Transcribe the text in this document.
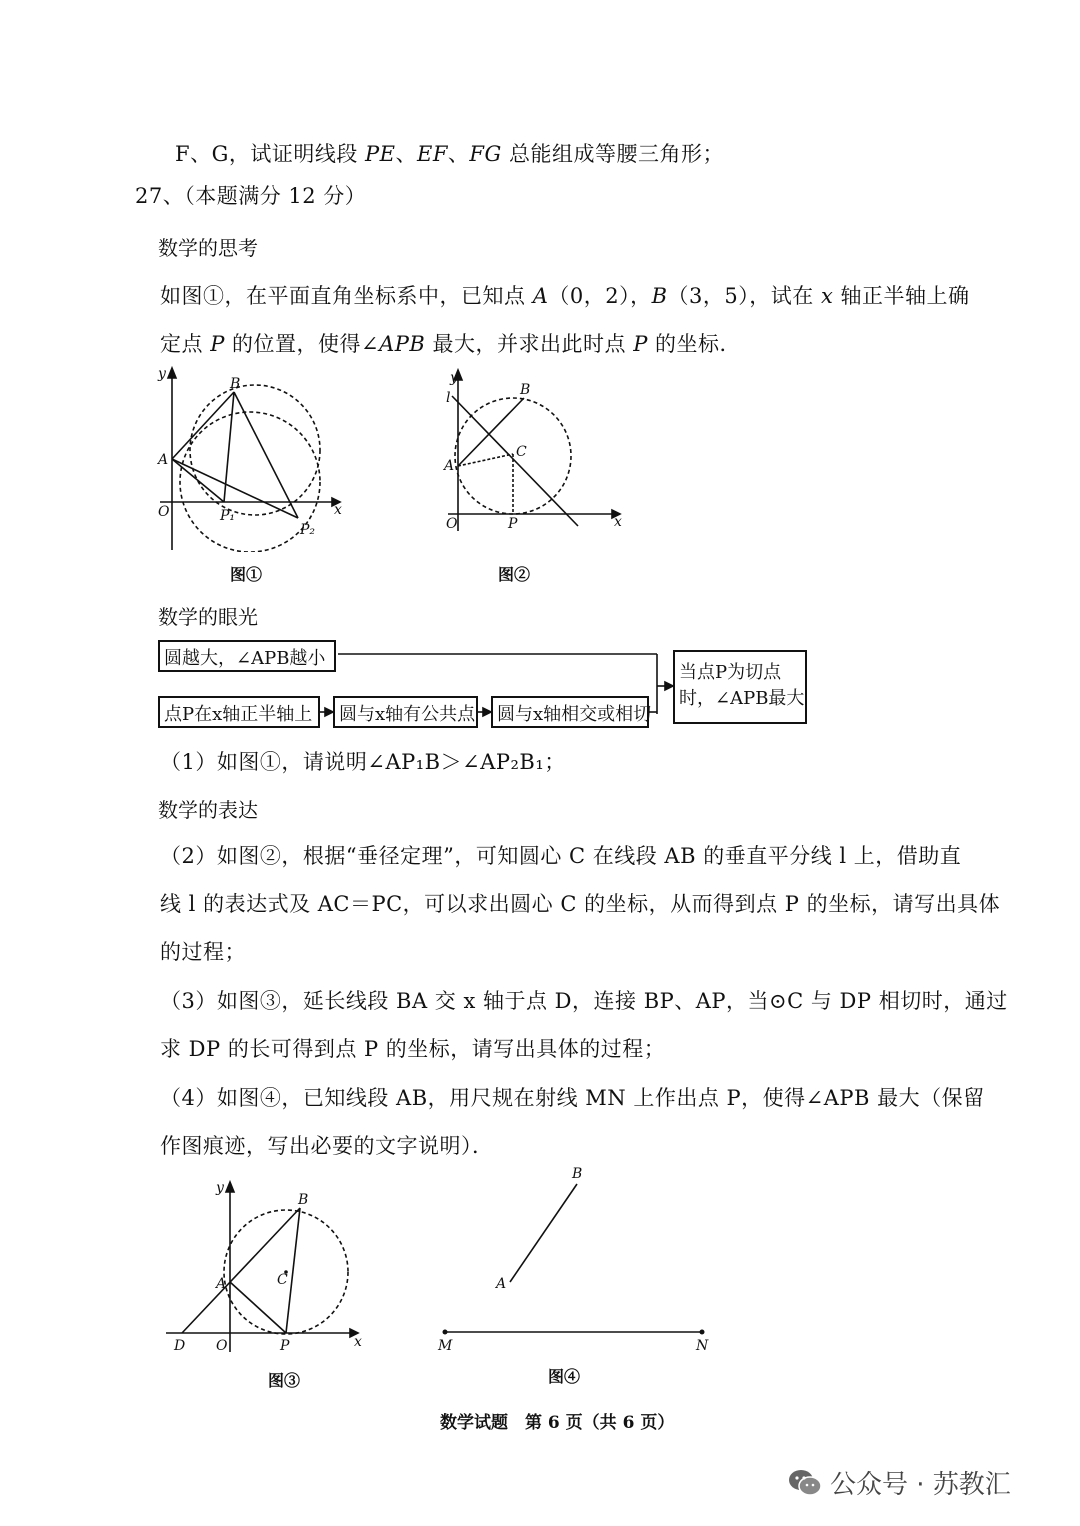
F、G，试证明线段 PE、EF、FG 总能组成等腰三角形；
27、（本题满分 12 分）
数学的思考
如图①，在平面直角坐标系中，已知点 A（0，2），B（3，5），试在 x 轴正半轴上确
定点 P 的位置，使得∠APB 最大，并求出此时点 P 的坐标．
y
x
O
A
B
P₁
P₂
图①
y
l
x
O
A
B
C
P
图②
数学的眼光
圆越大，∠APB越小
点P在x轴正半轴上	圆与x轴有公共点	圆与x轴相交或相切
当点P为切点
时，∠APB最大
（1）如图①，请说明∠AP₁B＞∠AP₂B₁；
数学的表达
（2）如图②，根据“垂径定理”，可知圆心 C 在线段 AB 的垂直平分线 l 上，借助直
线 l 的表达式及 AC＝PC，可以求出圆心 C 的坐标，从而得到点 P 的坐标，请写出具体
的过程；
（3）如图③，延长线段 BA 交 x 轴于点 D，连接 BP、AP，当⊙C 与 DP 相切时，通过
求 DP 的长可得到点 P 的坐标，请写出具体的过程；
（4）如图④，已知线段 AB，用尺规在射线 MN 上作出点 P，使得∠APB 最大（保留
作图痕迹，写出必要的文字说明）．
y
x
O
D
A
B
C
P
图③
A
B
M	N
图④
数学试题　第 6 页（共 6 页）
公众号 · 苏教汇
